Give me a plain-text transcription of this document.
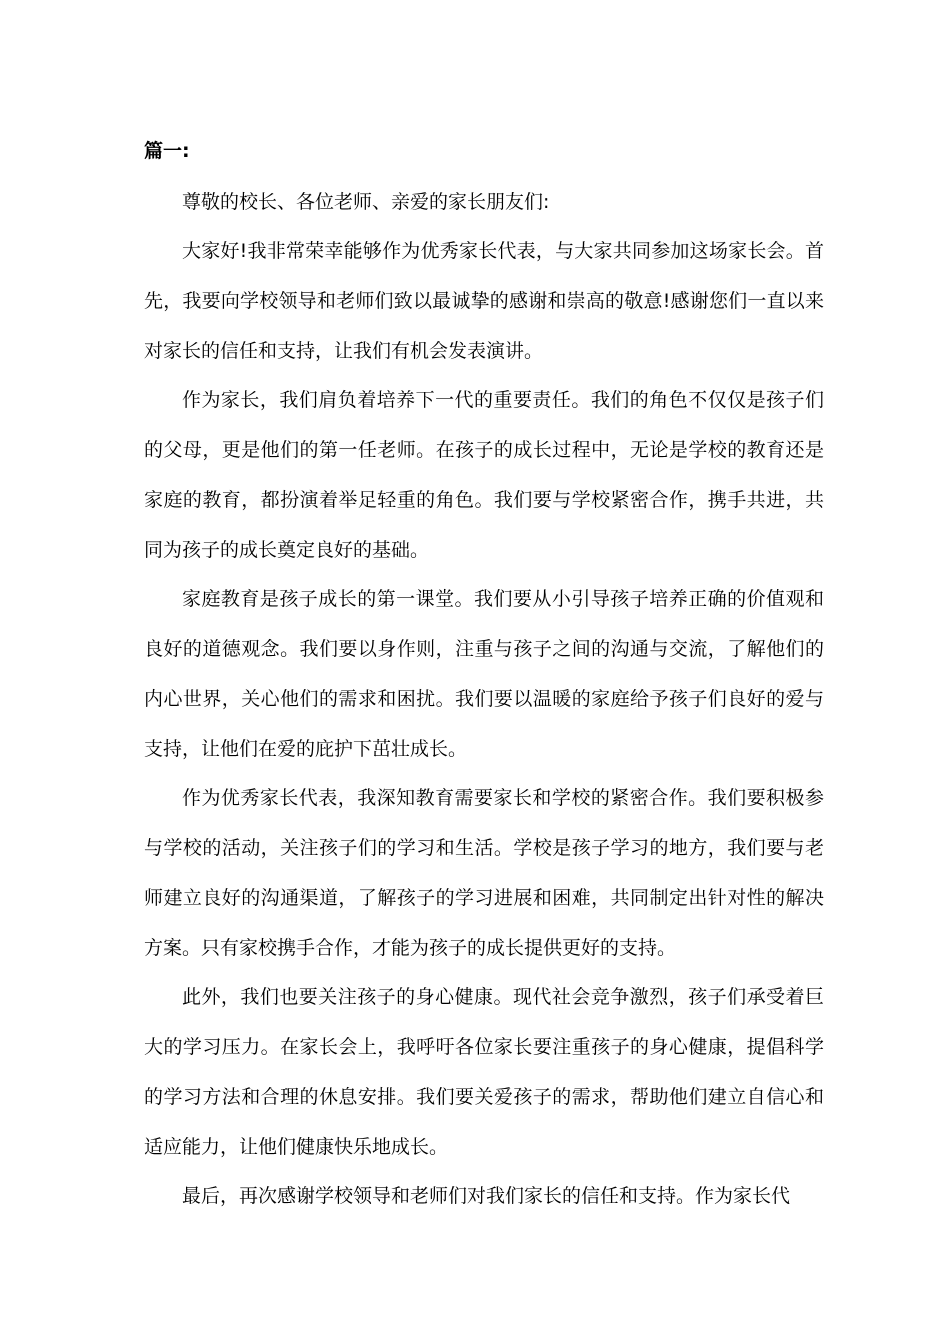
篇一:

尊敬的校长、各位老师、亲爱的家长朋友们:

大家好!我非常荣幸能够作为优秀家长代表，与大家共同参加这场家长会。首先，我要向学校领导和老师们致以最诚挚的感谢和崇高的敬意!感谢您们一直以来对家长的信任和支持，让我们有机会发表演讲。

作为家长，我们肩负着培养下一代的重要责任。我们的角色不仅仅是孩子们的父母，更是他们的第一任老师。在孩子的成长过程中，无论是学校的教育还是家庭的教育，都扮演着举足轻重的角色。我们要与学校紧密合作，携手共进，共同为孩子的成长奠定良好的基础。

家庭教育是孩子成长的第一课堂。我们要从小引导孩子培养正确的价值观和良好的道德观念。我们要以身作则，注重与孩子之间的沟通与交流，了解他们的内心世界，关心他们的需求和困扰。我们要以温暖的家庭给予孩子们良好的爱与支持，让他们在爱的庇护下茁壮成长。

作为优秀家长代表，我深知教育需要家长和学校的紧密合作。我们要积极参与学校的活动，关注孩子们的学习和生活。学校是孩子学习的地方，我们要与老师建立良好的沟通渠道，了解孩子的学习进展和困难，共同制定出针对性的解决方案。只有家校携手合作，才能为孩子的成长提供更好的支持。

此外，我们也要关注孩子的身心健康。现代社会竞争激烈，孩子们承受着巨大的学习压力。在家长会上，我呼吁各位家长要注重孩子的身心健康，提倡科学的学习方法和合理的休息安排。我们要关爱孩子的需求，帮助他们建立自信心和适应能力，让他们健康快乐地成长。

最后，再次感谢学校领导和老师们对我们家长的信任和支持。作为家长代
